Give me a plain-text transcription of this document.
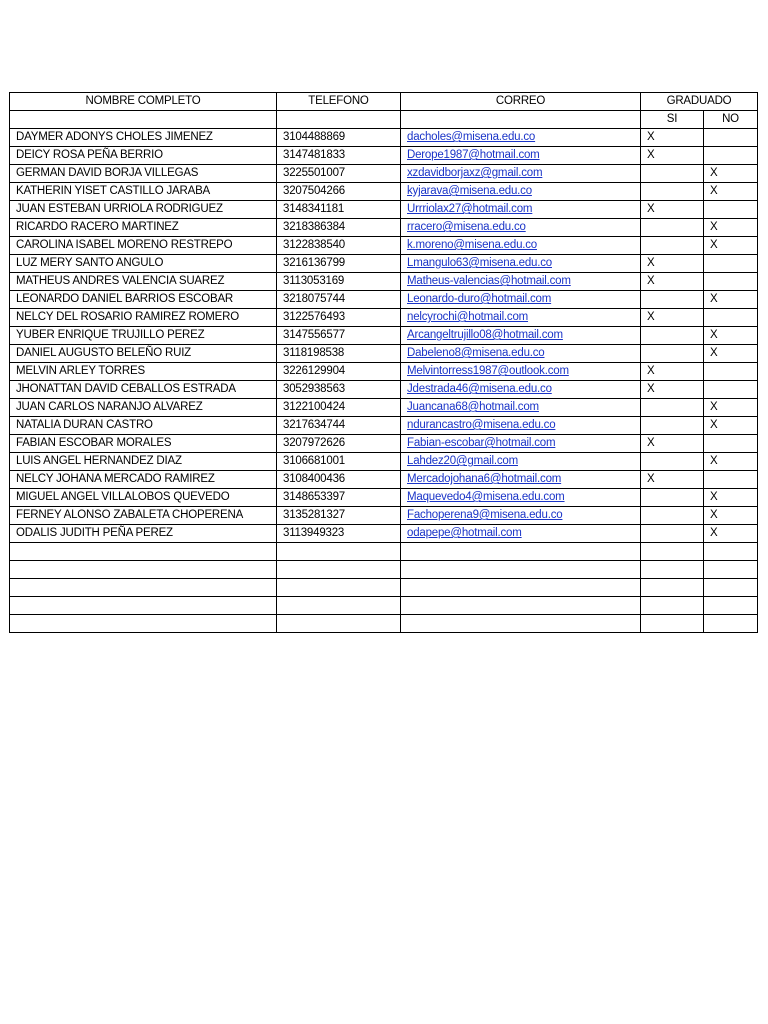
NOMBRE COMPLETO	TELEFONO	CORREO	GRADUADO	
			SI	NO
DAYMER ADONYS CHOLES JIMENEZ	3104488869	dacholes@misena.edu.co	X	
DEICY ROSA PEÑA BERRIO	3147481833	Derope1987@hotmail.com	X	
GERMAN DAVID BORJA VILLEGAS	3225501007	xzdavidborjaxz@gmail.com		X
KATHERIN YISET CASTILLO JARABA	3207504266	kyjarava@misena.edu.co		X
JUAN ESTEBAN URRIOLA RODRIGUEZ	3148341181	Urrriolax27@hotmail.com	X	
RICARDO RACERO MARTINEZ	3218386384	rracero@misena.edu.co		X
CAROLINA ISABEL MORENO RESTREPO	3122838540	k.moreno@misena.edu.co		X
LUZ MERY SANTO ANGULO	3216136799	Lmangulo63@misena.edu.co	X	
MATHEUS ANDRES VALENCIA SUAREZ	3113053169	Matheus-valencias@hotmail.com	X	
LEONARDO DANIEL BARRIOS ESCOBAR	3218075744	Leonardo-duro@hotmail.com		X
NELCY DEL ROSARIO RAMIREZ ROMERO	3122576493	nelcyrochi@hotmail.com	X	
YUBER ENRIQUE TRUJILLO PEREZ	3147556577	Arcangeltrujillo08@hotmail.com		X
DANIEL AUGUSTO BELEÑO RUIZ	3118198538	Dabeleno8@misena.edu.co		X
MELVIN ARLEY TORRES	3226129904	Melvintorress1987@outlook.com	X	
JHONATTAN DAVID CEBALLOS ESTRADA	3052938563	Jdestrada46@misena.edu.co	X	
JUAN CARLOS NARANJO ALVAREZ	3122100424	Juancana68@hotmail.com		X
NATALIA DURAN CASTRO	3217634744	ndurancastro@misena.edu.co		X
FABIAN ESCOBAR MORALES	3207972626	Fabian-escobar@hotmail.com	X	
LUIS ANGEL HERNANDEZ DIAZ	3106681001	Lahdez20@gmail.com		X
NELCY JOHANA MERCADO RAMIREZ	3108400436	Mercadojohana6@hotmail.com	X	
MIGUEL ANGEL VILLALOBOS QUEVEDO	3148653397	Maquevedo4@misena.edu.com		X
FERNEY ALONSO ZABALETA CHOPERENA	3135281327	Fachoperena9@misena.edu.co		X
ODALIS JUDITH PEÑA PEREZ	3113949323	odapepe@hotmail.com		X
